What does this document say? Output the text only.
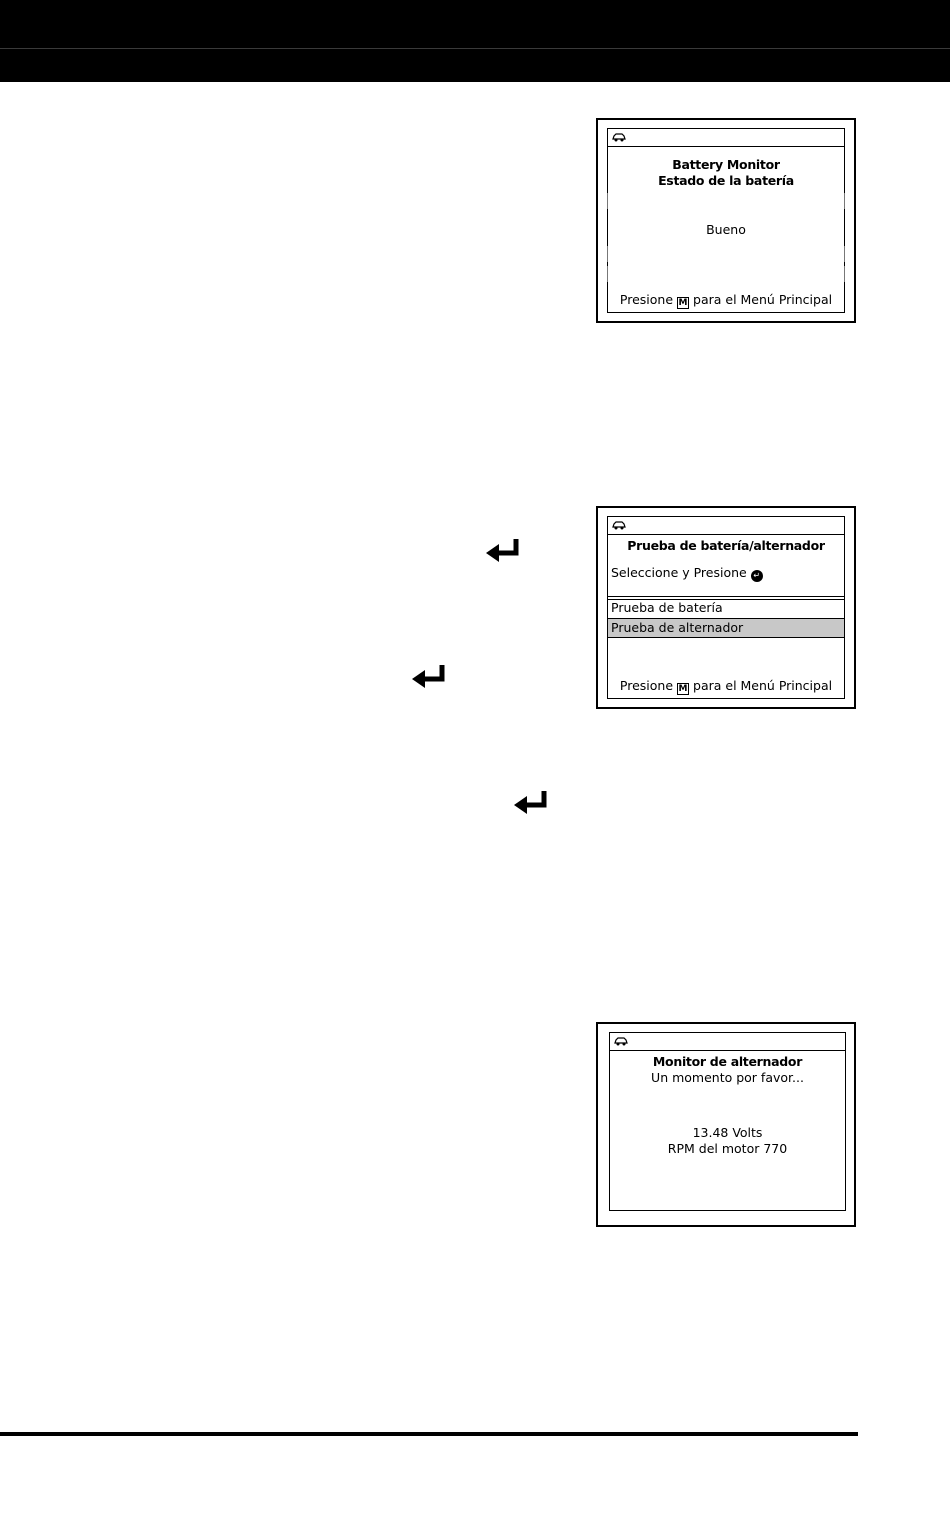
Battery Monitor
Estado de la batería
Bueno
Presione M para el Menú Principal
Prueba de batería/alternador
Seleccione y Presione ↵
Prueba de batería
Prueba de alternador
Presione M para el Menú Principal
Monitor de alternador
Un momento por favor...
13.48 Volts
RPM del motor 770
